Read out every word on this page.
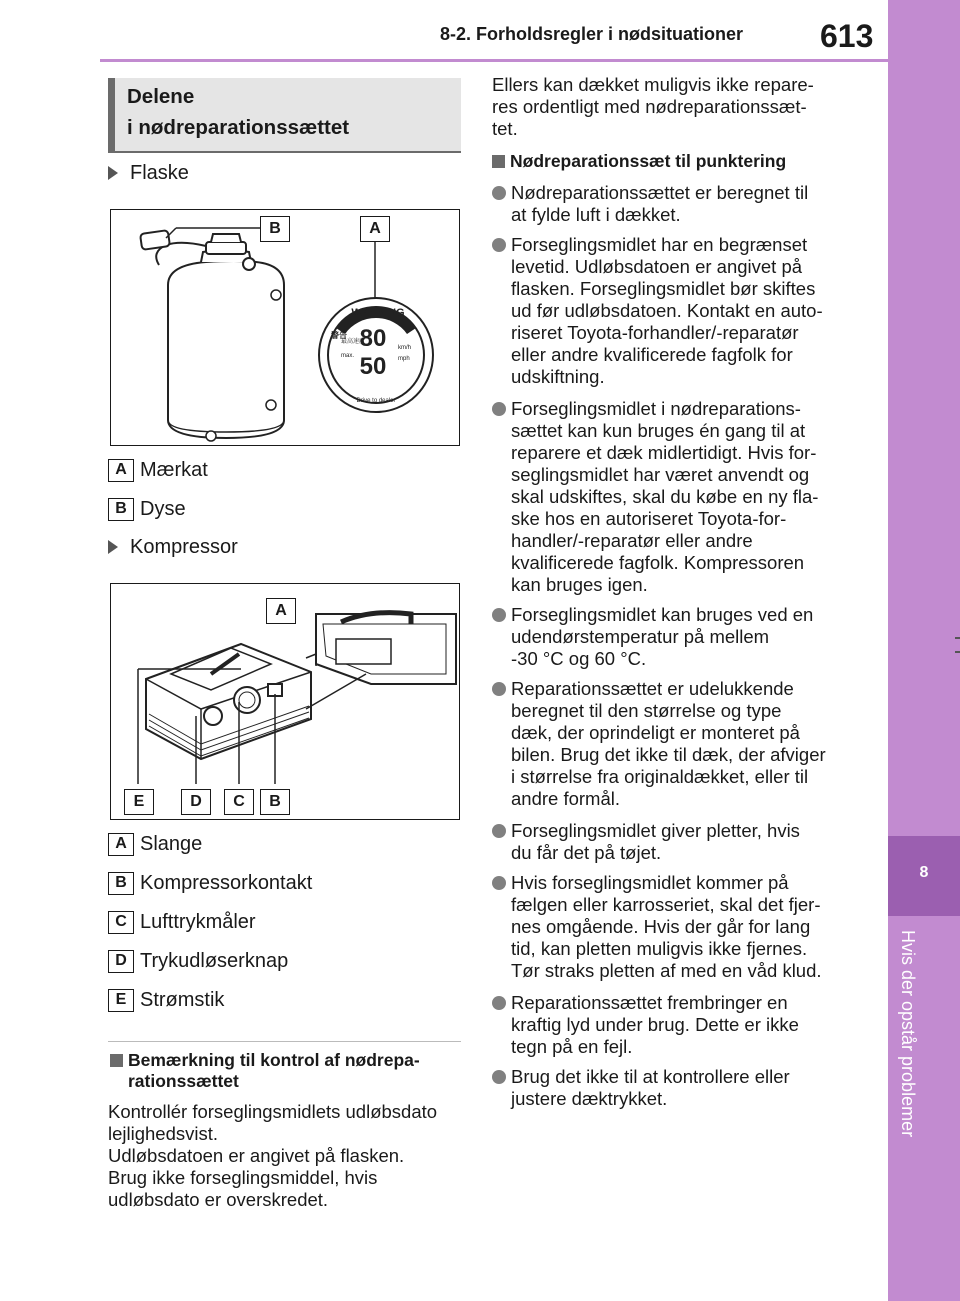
8-2. Forholdsregler i nødsituationer 613
8
Hvis der opstår problemer
Delene
i nødreparationssættet
Flaske
WARNING
80
50
km/h
mph
max.
最高速度
警告
Drive to dealer
B	A
A Mærkat
B Dyse
Kompressor
A
E	D	C	B
A Slange
B Kompressorkontakt
C Lufttrykmåler
D Trykudløserknap
E Strømstik
Bemærkning til kontrol af nødrepa-
rationssættet
Kontrollér forseglingsmidlets udløbsdato
lejlighedsvist.
Udløbsdatoen er angivet på flasken.
Brug ikke forseglingsmiddel, hvis
udløbsdato er overskredet.
Ellers kan dækket muligvis ikke repare-
res ordentligt med nødreparationssæt-
tet.
Nødreparationssæt til punktering
Nødreparationssættet er beregnet til
at fylde luft i dækket.
Forseglingsmidlet har en begrænset
levetid. Udløbsdatoen er angivet på
flasken. Forseglingsmidlet bør skiftes
ud før udløbsdatoen. Kontakt en auto-
riseret Toyota-forhandler/-reparatør
eller andre kvalificerede fagfolk for
udskiftning.
Forseglingsmidlet i nødreparations-
sættet kan kun bruges én gang til at
reparere et dæk midlertidigt. Hvis for-
seglingsmidlet har været anvendt og
skal udskiftes, skal du købe en ny fla-
ske hos en autoriseret Toyota-for-
handler/-reparatør eller andre
kvalificerede fagfolk. Kompressoren
kan bruges igen.
Forseglingsmidlet kan bruges ved en
udendørstemperatur på mellem
-30 °C og 60 °C.
Reparationssættet er udelukkende
beregnet til den størrelse og type
dæk, der oprindeligt er monteret på
bilen. Brug det ikke til dæk, der afviger
i størrelse fra originaldækket, eller til
andre formål.
Forseglingsmidlet giver pletter, hvis
du får det på tøjet.
Hvis forseglingsmidlet kommer på
fælgen eller karrosseriet, skal det fjer-
nes omgående. Hvis der går for lang
tid, kan pletten muligvis ikke fjernes.
Tør straks pletten af med en våd klud.
Reparationssættet frembringer en
kraftig lyd under brug. Dette er ikke
tegn på en fejl.
Brug det ikke til at kontrollere eller
justere dæktrykket.
